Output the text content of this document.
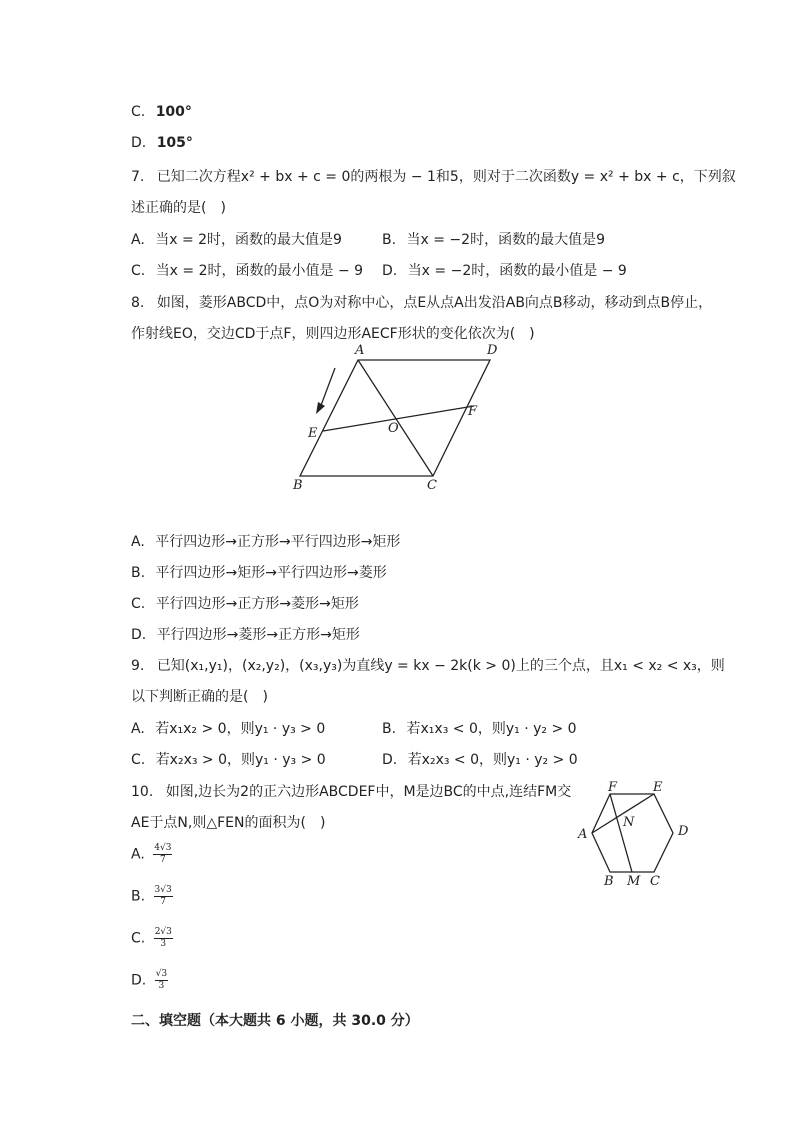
C. 100°
D. 105°
7. 已知二次方程x² + bx + c = 0的两根为 − 1和5，则对于二次函数y = x² + bx + c，下列叙
述正确的是(　)
A. 当x = 2时，函数的最大值是9	B. 当x = −2时，函数的最大值是9
C. 当x = 2时，函数的最小值是 − 9 D. 当x = −2时，函数的最小值是 − 9
8. 如图，菱形ABCD中，点O为对称中心，点E从点A出发沿AB向点B移动，移动到点B停止，
作射线EO，交边CD于点F，则四边形AECF形状的变化依次为(　)
A	D
F
O
E
B	C
A. 平行四边形→正方形→平行四边形→矩形
B. 平行四边形→矩形→平行四边形→菱形
C. 平行四边形→正方形→菱形→矩形
D. 平行四边形→菱形→正方形→矩形
9. 已知(x₁,y₁)，(x₂,y₂)，(x₃,y₃)为直线y = kx − 2k(k > 0)上的三个点，且x₁ < x₂ < x₃，则
以下判断正确的是(　)
A. 若x₁x₂ > 0，则y₁ · y₃ > 0	B. 若x₁x₃ < 0，则y₁ · y₂ > 0
C. 若x₂x₃ > 0，则y₁ · y₃ > 0	D. 若x₂x₃ < 0，则y₁ · y₂ > 0
10. 如图,边长为2的正六边形ABCDEF中，M是边BC的中点,连结FM交
AE于点N,则△FEN的面积为(　)
F	E
N
A	D
B M C
A. $\frac{4√3}{7}$
B. $\frac{3√3}{7}$
C. $\frac{2√3}{3}$
D. $\frac{√3}{3}$
二、填空题（本大题共 6 小题，共 30.0 分）
